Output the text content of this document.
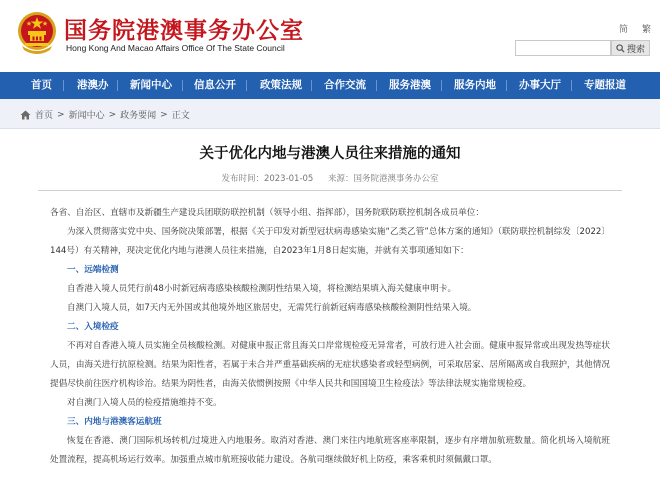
国务院港澳事务办公室
Hong Kong And Macao Affairs Office Of The State Council
简 繁
搜索
首页 港澳办 新闻中心 信息公开 政策法规 合作交流 服务港澳 服务内地 办事大厅 专题报道
首页 > 新闻中心 > 政务要闻 > 正文
关于优化内地与港澳人员往来措施的通知
发布时间：2023-01-05 来源：国务院港澳事务办公室

各省、自治区、直辖市及新疆生产建设兵团联防联控机制（领导小组、指挥部），国务院联防联控机制各成员单位：

为深入贯彻落实党中央、国务院决策部署，根据《关于印发对新型冠状病毒感染实施“乙类乙管”总体方案的通知》（联防联控机制综发〔2022〕144号）有关精神，现决定优化内地与港澳人员往来措施，自2023年1月8日起实施，并就有关事项通知如下：

一、远端检测

自香港入境人员凭行前48小时新冠病毒感染核酸检测阴性结果入境，将检测结果填入海关健康申明卡。

自澳门入境人员，如7天内无外国或其他境外地区旅居史，无需凭行前新冠病毒感染核酸检测阴性结果入境。

二、入境检疫

不再对自香港入境人员实施全员核酸检测。对健康申报正常且海关口岸常规检疫无异常者，可放行进入社会面。健康申报异常或出现发热等症状人员，由海关进行抗原检测。结果为阳性者，若属于未合并严重基础疾病的无症状感染者或轻型病例，可采取居家、居所隔离或自我照护，其他情况提倡尽快前往医疗机构诊治。结果为阴性者，由海关依惯例按照《中华人民共和国国境卫生检疫法》等法律法规实施常规检疫。

对自澳门入境人员的检疫措施维持不变。

三、内地与港澳客运航班

恢复在香港、澳门国际机场转机/过境进入内地服务。取消对香港、澳门来往内地航班客座率限制，逐步有序增加航班数量。简化机场入境航班处置流程，提高机场运行效率。加强重点城市航班接收能力建设。各航司继续做好机上防疫，乘客乘机时须佩戴口罩。
